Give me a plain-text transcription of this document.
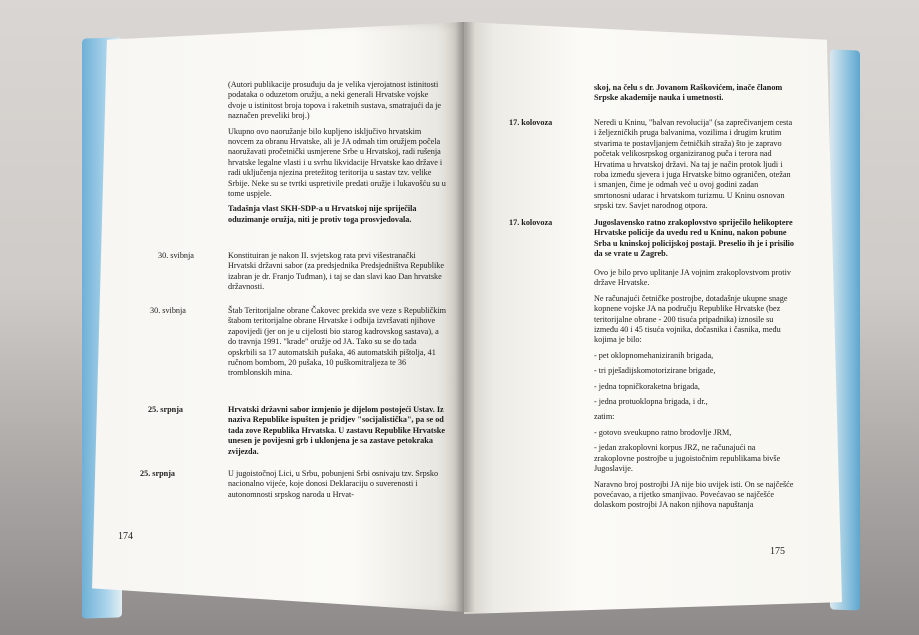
(Autori publikacije prosuđuju da je velika vjerojatnost istinitosti podataka o oduzetom oružju, a neki generali Hrvatske vojske dvoje u istinitost broja topova i raketnih sustava, smatrajući da je naznačen preveliki broj.)

Ukupno ovo naoružanje bilo kupljeno isključivo hrvatskim novcem za obranu Hrvatske, ali je JA odmah tim oružjem počela naoružavati pročetnički usmjerene Srbe u Hrvatskoj, radi rušenja hrvatske legalne vlasti i u svrhu likvidacije Hrvatske kao države i radi uključenja njezina pretežitog teritorija u sastav tzv. velike Srbije. Neke su se tvrtki uspretivile predati oružje i lukavošću su u tome uspjele.

Tadašnja vlast SKH-SDP-a u Hrvatskoj nije spriječila oduzimanje oružja, niti je protiv toga prosvjedovala.

30. svibnja	Konstituiran je nakon II. svjetskog rata prvi višestranački Hrvatski državni sabor (za predsjednika Predsjedništva Republike izabran je dr. Franjo Tuđman), i taj se dan slavi kao Dan hrvatske državnosti.
30. svibnja	Štab Teritorijalne obrane Čakovec prekida sve veze s Republičkim štabom teritorijalne obrane Hrvatske i odbija izvršavati njihove zapovijedi (jer on je u cijelosti bio starog kadrovskog sastava), a do travnja 1991. "krade" oružje od JA. Tako su se do tada opskrbili sa 17 automatskih pušaka, 46 automatskih pištolja, 41 ručnom bombom, 20 pušaka, 10 puškomitraljeza te 36 tromblonskih mina.
25. srpnja	Hrvatski državni sabor izmjenio je dijelom postojeći Ustav. Iz naziva Republike ispušten je pridjev "socijalistička", pa se od tada zove Republika Hrvatska. U zastavu Republike Hrvatske unesen je povijesni grb i uklonjena je sa zastave petokraka zvijezda.
25. srpnja	U jugoistočnoj Lici, u Srbu, pobunjeni Srbi osnivaju tzv. Srpsko nacionalno vijeće, koje donosi Deklaraciju o suverenosti i autonomnosti srpskog naroda u Hrvat-
174
skoj, na čelu s dr. Jovanom Raškovićem, inače članom Srpske akademije nauka i umetnosti.
17. kolovoza	Neredi u Kninu, "balvan revolucija" (sa zaprečivanjem cesta i željezničkih pruga balvanima, vozilima i drugim krutim stvarima te postavljanjem četničkih straža) što je zapravo početak velikosrpskog organiziranog puča i terora nad Hrvatima u hrvatskoj državi. Na taj je način protok ljudi i roba između sjevera i juga Hrvatske bitno ograničen, otežan i smanjen, čime je odmah već u ovoj godini zadan smrtonosni udarac i hrvatskom turizmu. U Kninu osnovan srpski tzv. Savjet narodnog otpora.
17. kolovoza	Jugoslavensko ratno zrakoplovstvo spriječilo helikoptere Hrvatske policije da uvedu red u Kninu, nakon pobune Srba u kninskoj policijskoj postaji. Preselio ih je i prisilio da se vrate u Zagreb.

Ovo je bilo prvo uplitanje JA vojnim zrakoplovstvom protiv države Hrvatske.

Ne računajući četničke postrojbe, dotadašnje ukupne snage kopnene vojske JA na području Republike Hrvatske (bez teritorijalne obrane - 200 tisuća pripadnika) iznosile su između 40 i 45 tisuća vojnika, dočasnika i časnika, među kojima je bilo:

- pet oklopnomehaniziranih brigada,

- tri pješadijskomotorizirane brigade,

- jedna topničkoraketna brigada,

- jedna protuoklopna brigada, i dr.,

zatim:

- gotovo sveukupno ratno brodovlje JRM,

- jedan zrakoplovni korpus JRZ, ne računajući na zrakoplovne postrojbe u jugoistočnim republikama bivše Jugoslavije.

Naravno broj postrojbi JA nije bio uvijek isti. On se najčešće povećavao, a rijetko smanjivao. Povećavao se najčešće dolaskom postrojbi JA nakon njihova napuštanja

175
